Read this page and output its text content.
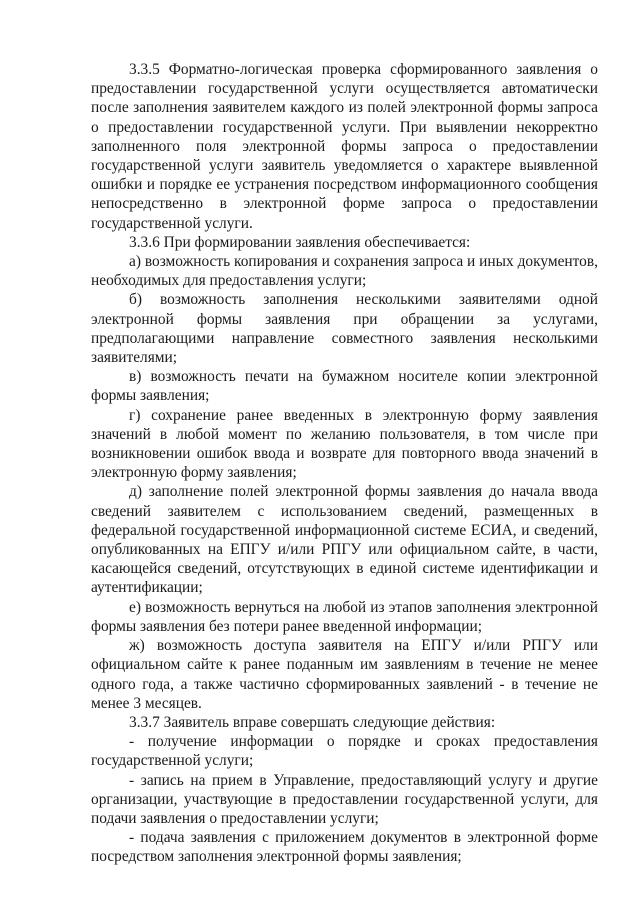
3.3.5 Форматно-логическая проверка сформированного заявления о предоставлении государственной услуги осуществляется автоматически после заполнения заявителем каждого из полей электронной формы запроса о предоставлении государственной услуги. При выявлении некорректно заполненного поля электронной формы запроса о предоставлении государственной услуги заявитель уведомляется о характере выявленной ошибки и порядке ее устранения посредством информационного сообщения непосредственно в электронной форме запроса о предоставлении государственной услуги.

3.3.6 При формировании заявления обеспечивается:

а) возможность копирования и сохранения запроса и иных документов, необходимых для предоставления услуги;

б) возможность заполнения несколькими заявителями одной электронной формы заявления при обращении за услугами, предполагающими направление совместного заявления несколькими заявителями;

в) возможность печати на бумажном носителе копии электронной формы заявления;

г) сохранение ранее введенных в электронную форму заявления значений в любой момент по желанию пользователя, в том числе при возникновении ошибок ввода и возврате для повторного ввода значений в электронную форму заявления;

д) заполнение полей электронной формы заявления до начала ввода сведений заявителем с использованием сведений, размещенных в федеральной государственной информационной системе ЕСИА, и сведений, опубликованных на ЕПГУ и/или РПГУ или официальном сайте, в части, касающейся сведений, отсутствующих в единой системе идентификации и аутентификации;

е) возможность вернуться на любой из этапов заполнения электронной формы заявления без потери ранее введенной информации;

ж) возможность доступа заявителя на ЕПГУ и/или РПГУ или официальном сайте к ранее поданным им заявлениям в течение не менее одного года, а также частично сформированных заявлений - в течение не менее 3 месяцев.

3.3.7 Заявитель вправе совершать следующие действия:

- получение информации о порядке и сроках предоставления государственной услуги;

- запись на прием в Управление, предоставляющий услугу и другие организации, участвующие в предоставлении государственной услуги, для подачи заявления о предоставлении услуги;

- подача заявления с приложением документов в электронной форме посредством заполнения электронной формы заявления;
